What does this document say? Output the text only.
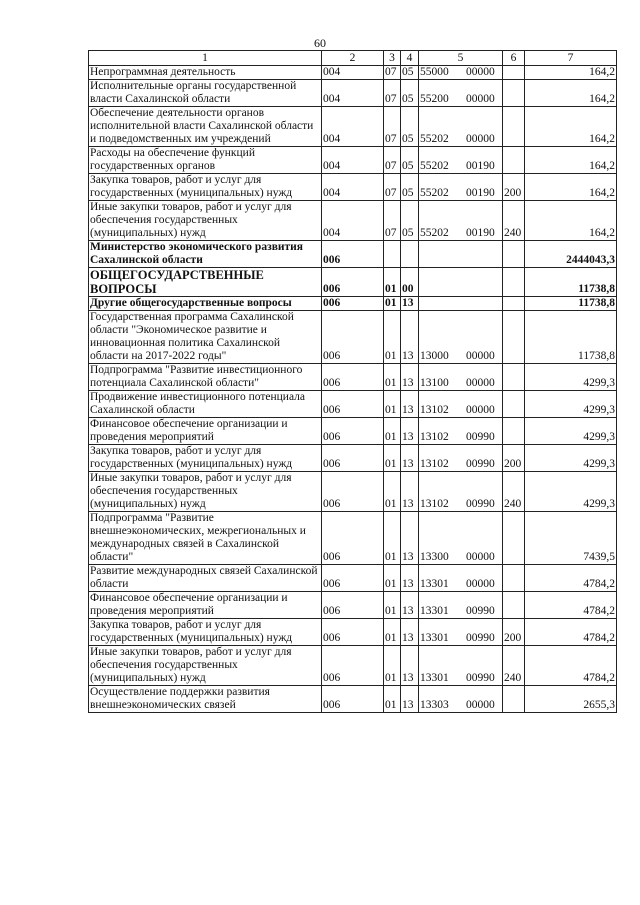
60
1	2	3	4	5	6	7
Непрограммная деятельность	004	07	05	55000 00000		164,2
Исполнительные органы государственной власти Сахалинской области	004	07	05	55200 00000		164,2
Обеспечение деятельности органов исполнительной власти Сахалинской области и подведомственных им учреждений	004	07	05	55202 00000		164,2
Расходы на обеспечение функций государственных органов	004	07	05	55202 00190		164,2
Закупка товаров, работ и услуг для государственных (муниципальных) нужд	004	07	05	55202 00190	200	164,2
Иные закупки товаров, работ и услуг для обеспечения государственных (муниципальных) нужд	004	07	05	55202 00190	240	164,2
Министерство экономического развития Сахалинской области	006					2444043,3
ОБЩЕГОСУДАРСТВЕННЫЕ ВОПРОСЫ	006	01	00			11738,8
Другие общегосударственные вопросы	006	01	13			11738,8
Государственная программа Сахалинской области "Экономическое развитие и инновационная политика Сахалинской области на 2017-2022 годы"	006	01	13	13000 00000		11738,8
Подпрограмма "Развитие инвестиционного потенциала Сахалинской области"	006	01	13	13100 00000		4299,3
Продвижение инвестиционного потенциала Сахалинской области	006	01	13	13102 00000		4299,3
Финансовое обеспечение организации и проведения мероприятий	006	01	13	13102 00990		4299,3
Закупка товаров, работ и услуг для государственных (муниципальных) нужд	006	01	13	13102 00990	200	4299,3
Иные закупки товаров, работ и услуг для обеспечения государственных (муниципальных) нужд	006	01	13	13102 00990	240	4299,3
Подпрограмма "Развитие внешнеэкономических, межрегиональных и международных связей в Сахалинской области"	006	01	13	13300 00000		7439,5
Развитие международных связей Сахалинской области	006	01	13	13301 00000		4784,2
Финансовое обеспечение организации и проведения мероприятий	006	01	13	13301 00990		4784,2
Закупка товаров, работ и услуг для государственных (муниципальных) нужд	006	01	13	13301 00990	200	4784,2
Иные закупки товаров, работ и услуг для обеспечения государственных (муниципальных) нужд	006	01	13	13301 00990	240	4784,2
Осуществление поддержки развития внешнеэкономических связей	006	01	13	13303 00000		2655,3
